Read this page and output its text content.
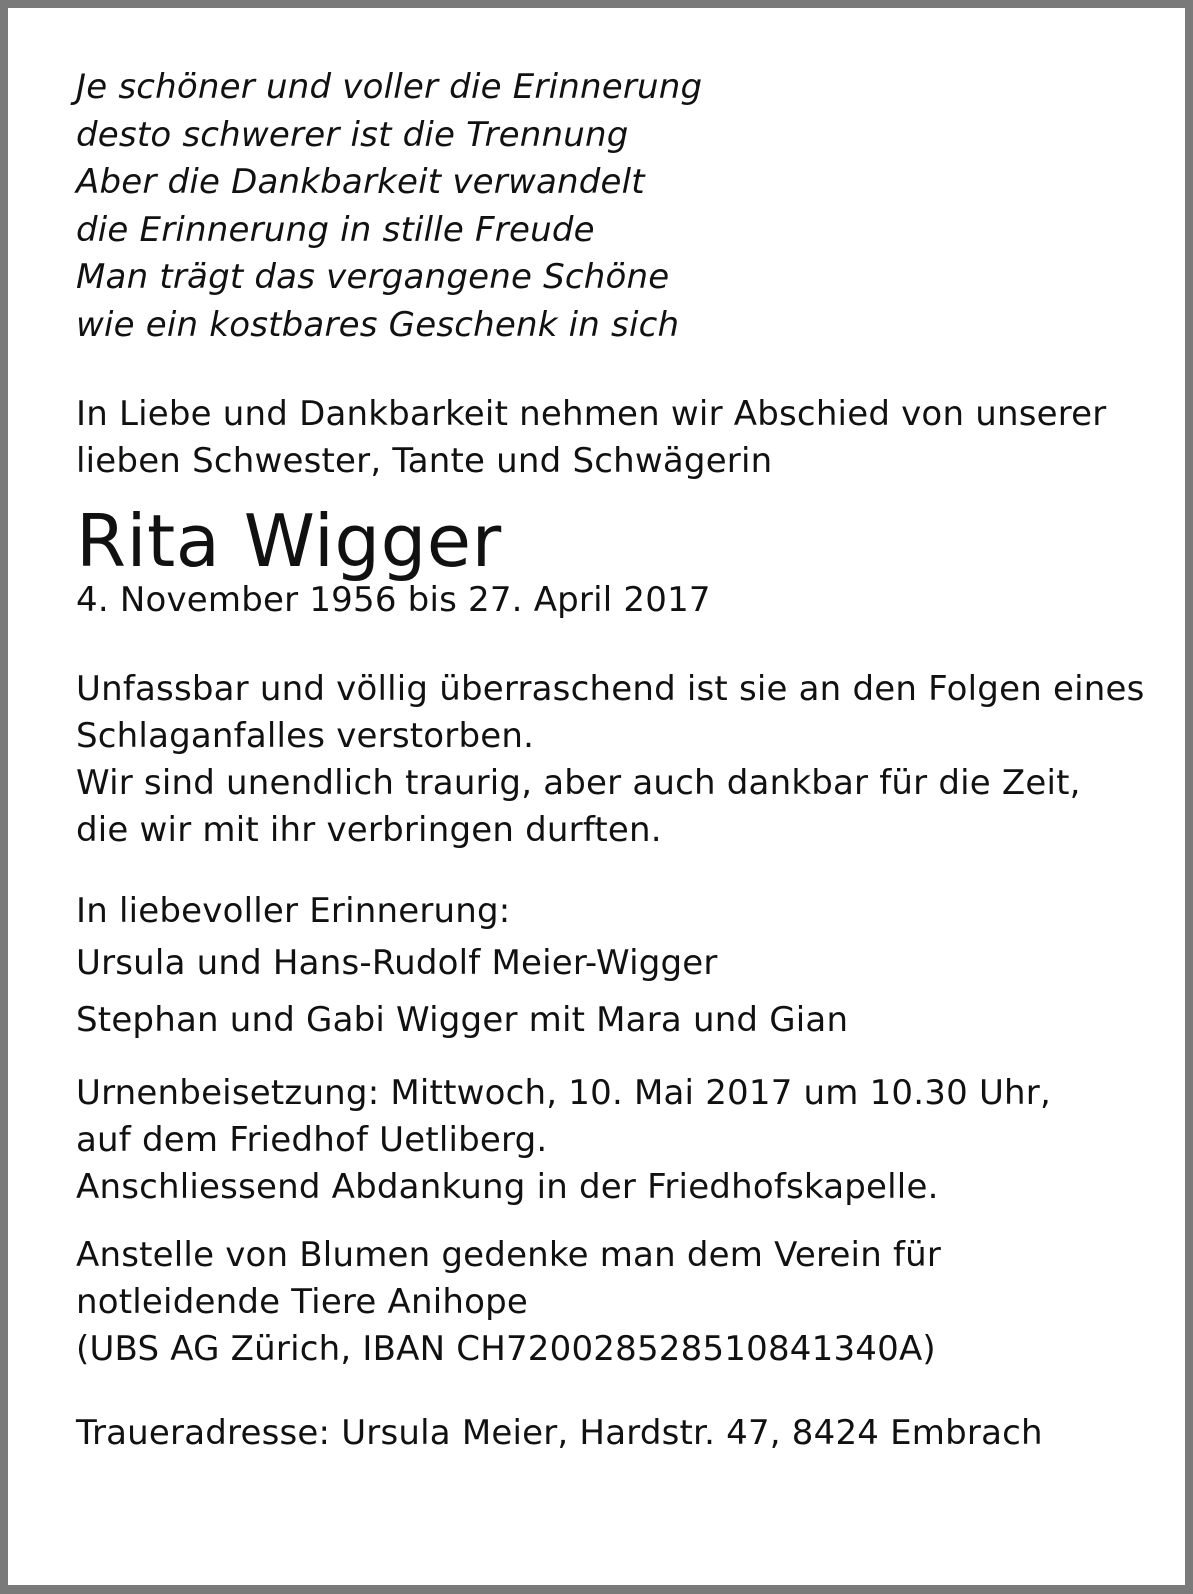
Je schöner und voller die Erinnerung
desto schwerer ist die Trennung
Aber die Dankbarkeit verwandelt
die Erinnerung in stille Freude
Man trägt das vergangene Schöne
wie ein kostbares Geschenk in sich
In Liebe und Dankbarkeit nehmen wir Abschied von unserer
lieben Schwester, Tante und Schwägerin
Rita Wigger
4. November 1956 bis 27. April 2017
Unfassbar und völlig überraschend ist sie an den Folgen eines
Schlaganfalles verstorben.
Wir sind unendlich traurig, aber auch dankbar für die Zeit,
die wir mit ihr verbringen durften.
In liebevoller Erinnerung:
Ursula und Hans-Rudolf Meier-Wigger
Stephan und Gabi Wigger mit Mara und Gian
Urnenbeisetzung: Mittwoch, 10. Mai 2017 um 10.30 Uhr,
auf dem Friedhof Uetliberg.
Anschliessend Abdankung in der Friedhofskapelle.
Anstelle von Blumen gedenke man dem Verein für
notleidende Tiere Anihope
(UBS AG Zürich, IBAN CH7200285285108413​40A)
Traueradresse: Ursula Meier, Hardstr. 47, 8424 Embrach
